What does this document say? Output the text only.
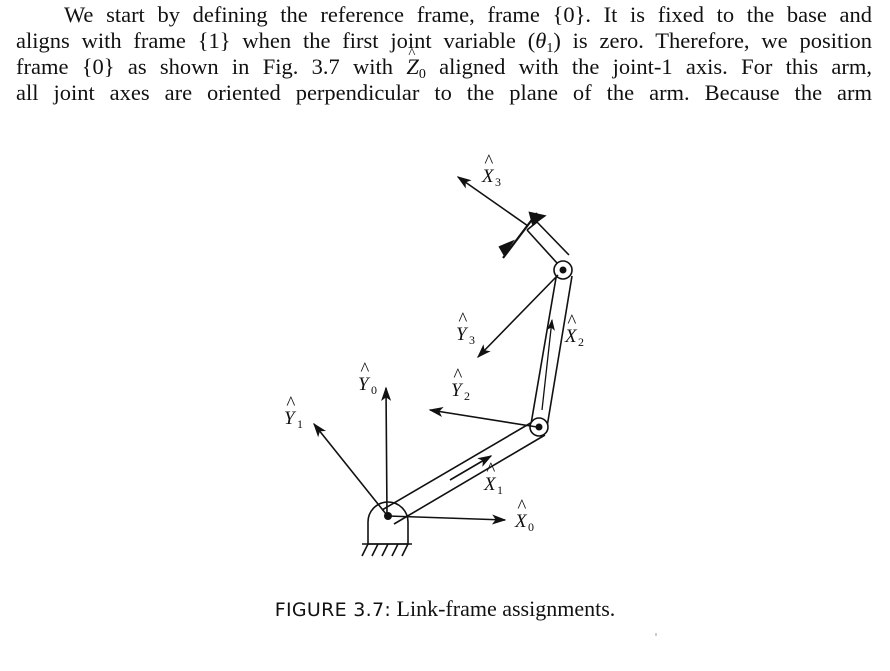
We start by defining the reference frame, frame {0}. It is fixed to the base and
aligns with frame {1} when the first joint variable $(\theta_1)$ is zero. Therefore, we position
frame {0} as shown in Fig. 3.7 with ^ $Z_0$ aligned with the joint-1 axis. For this arm,
all joint axes are oriented perpendicular to the plane of the arm. Because the arm
X
^
3
X
^
2
Y
^
3
Y
^
0	Y
^
2
Y
^
1
X
^
1
X
^
0
FIGURE 3.7: Link-frame assignments.
